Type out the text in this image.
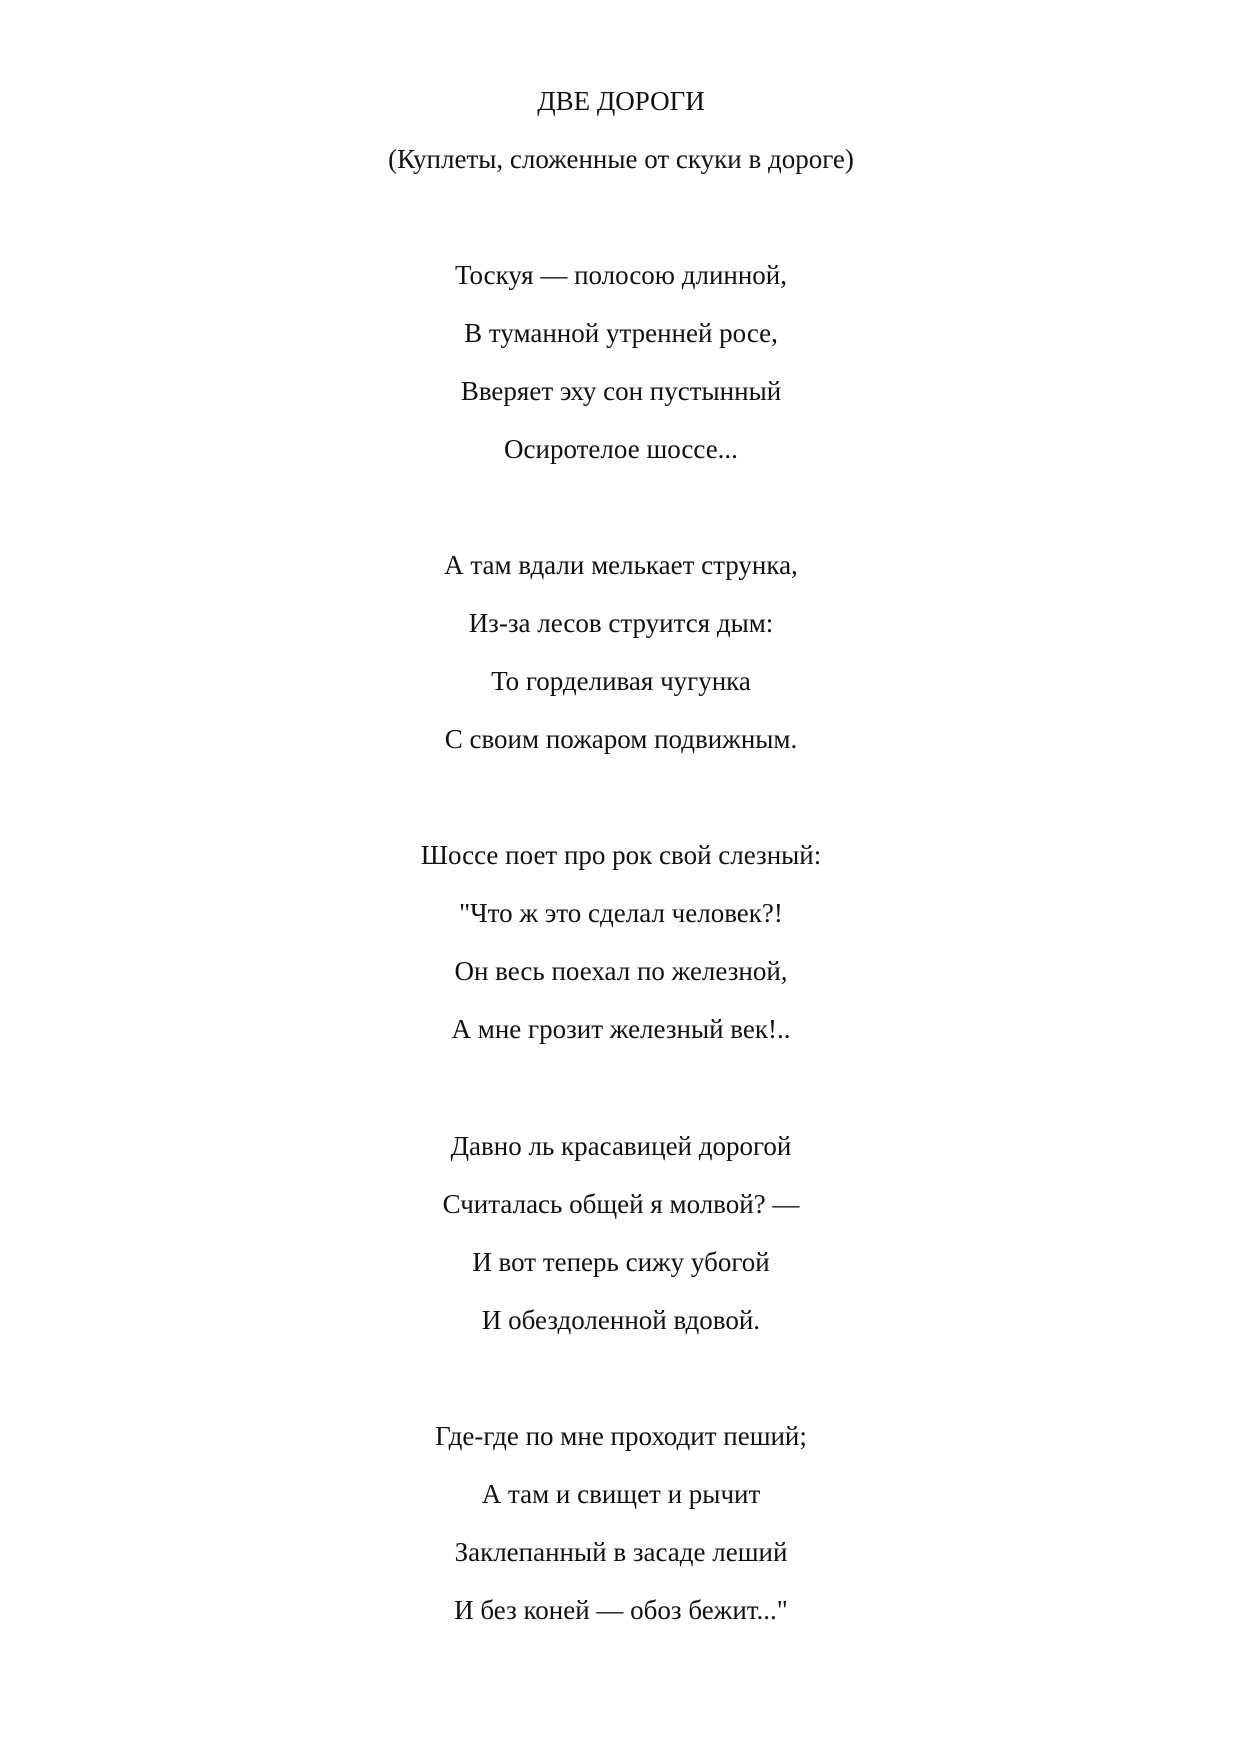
ДВЕ ДОРОГИ
(Куплеты, сложенные от скуки в дороге)
Тоскуя — полосою длинной,
В туманной утренней росе,
Вверяет эху сон пустынный
Осиротелое шоссе...
А там вдали мелькает струнка,
Из-за лесов струится дым:
То горделивая чугунка
С своим пожаром подвижным.
Шоссе поет про рок свой слезный:
"Что ж это сделал человек?!
Он весь поехал по железной,
А мне грозит железный век!..
Давно ль красавицей дорогой
Считалась общей я молвой? —
И вот теперь сижу убогой
И обездоленной вдовой.
Где-где по мне проходит пеший;
А там и свищет и рычит
Заклепанный в засаде леший
И без коней — обоз бежит..."
